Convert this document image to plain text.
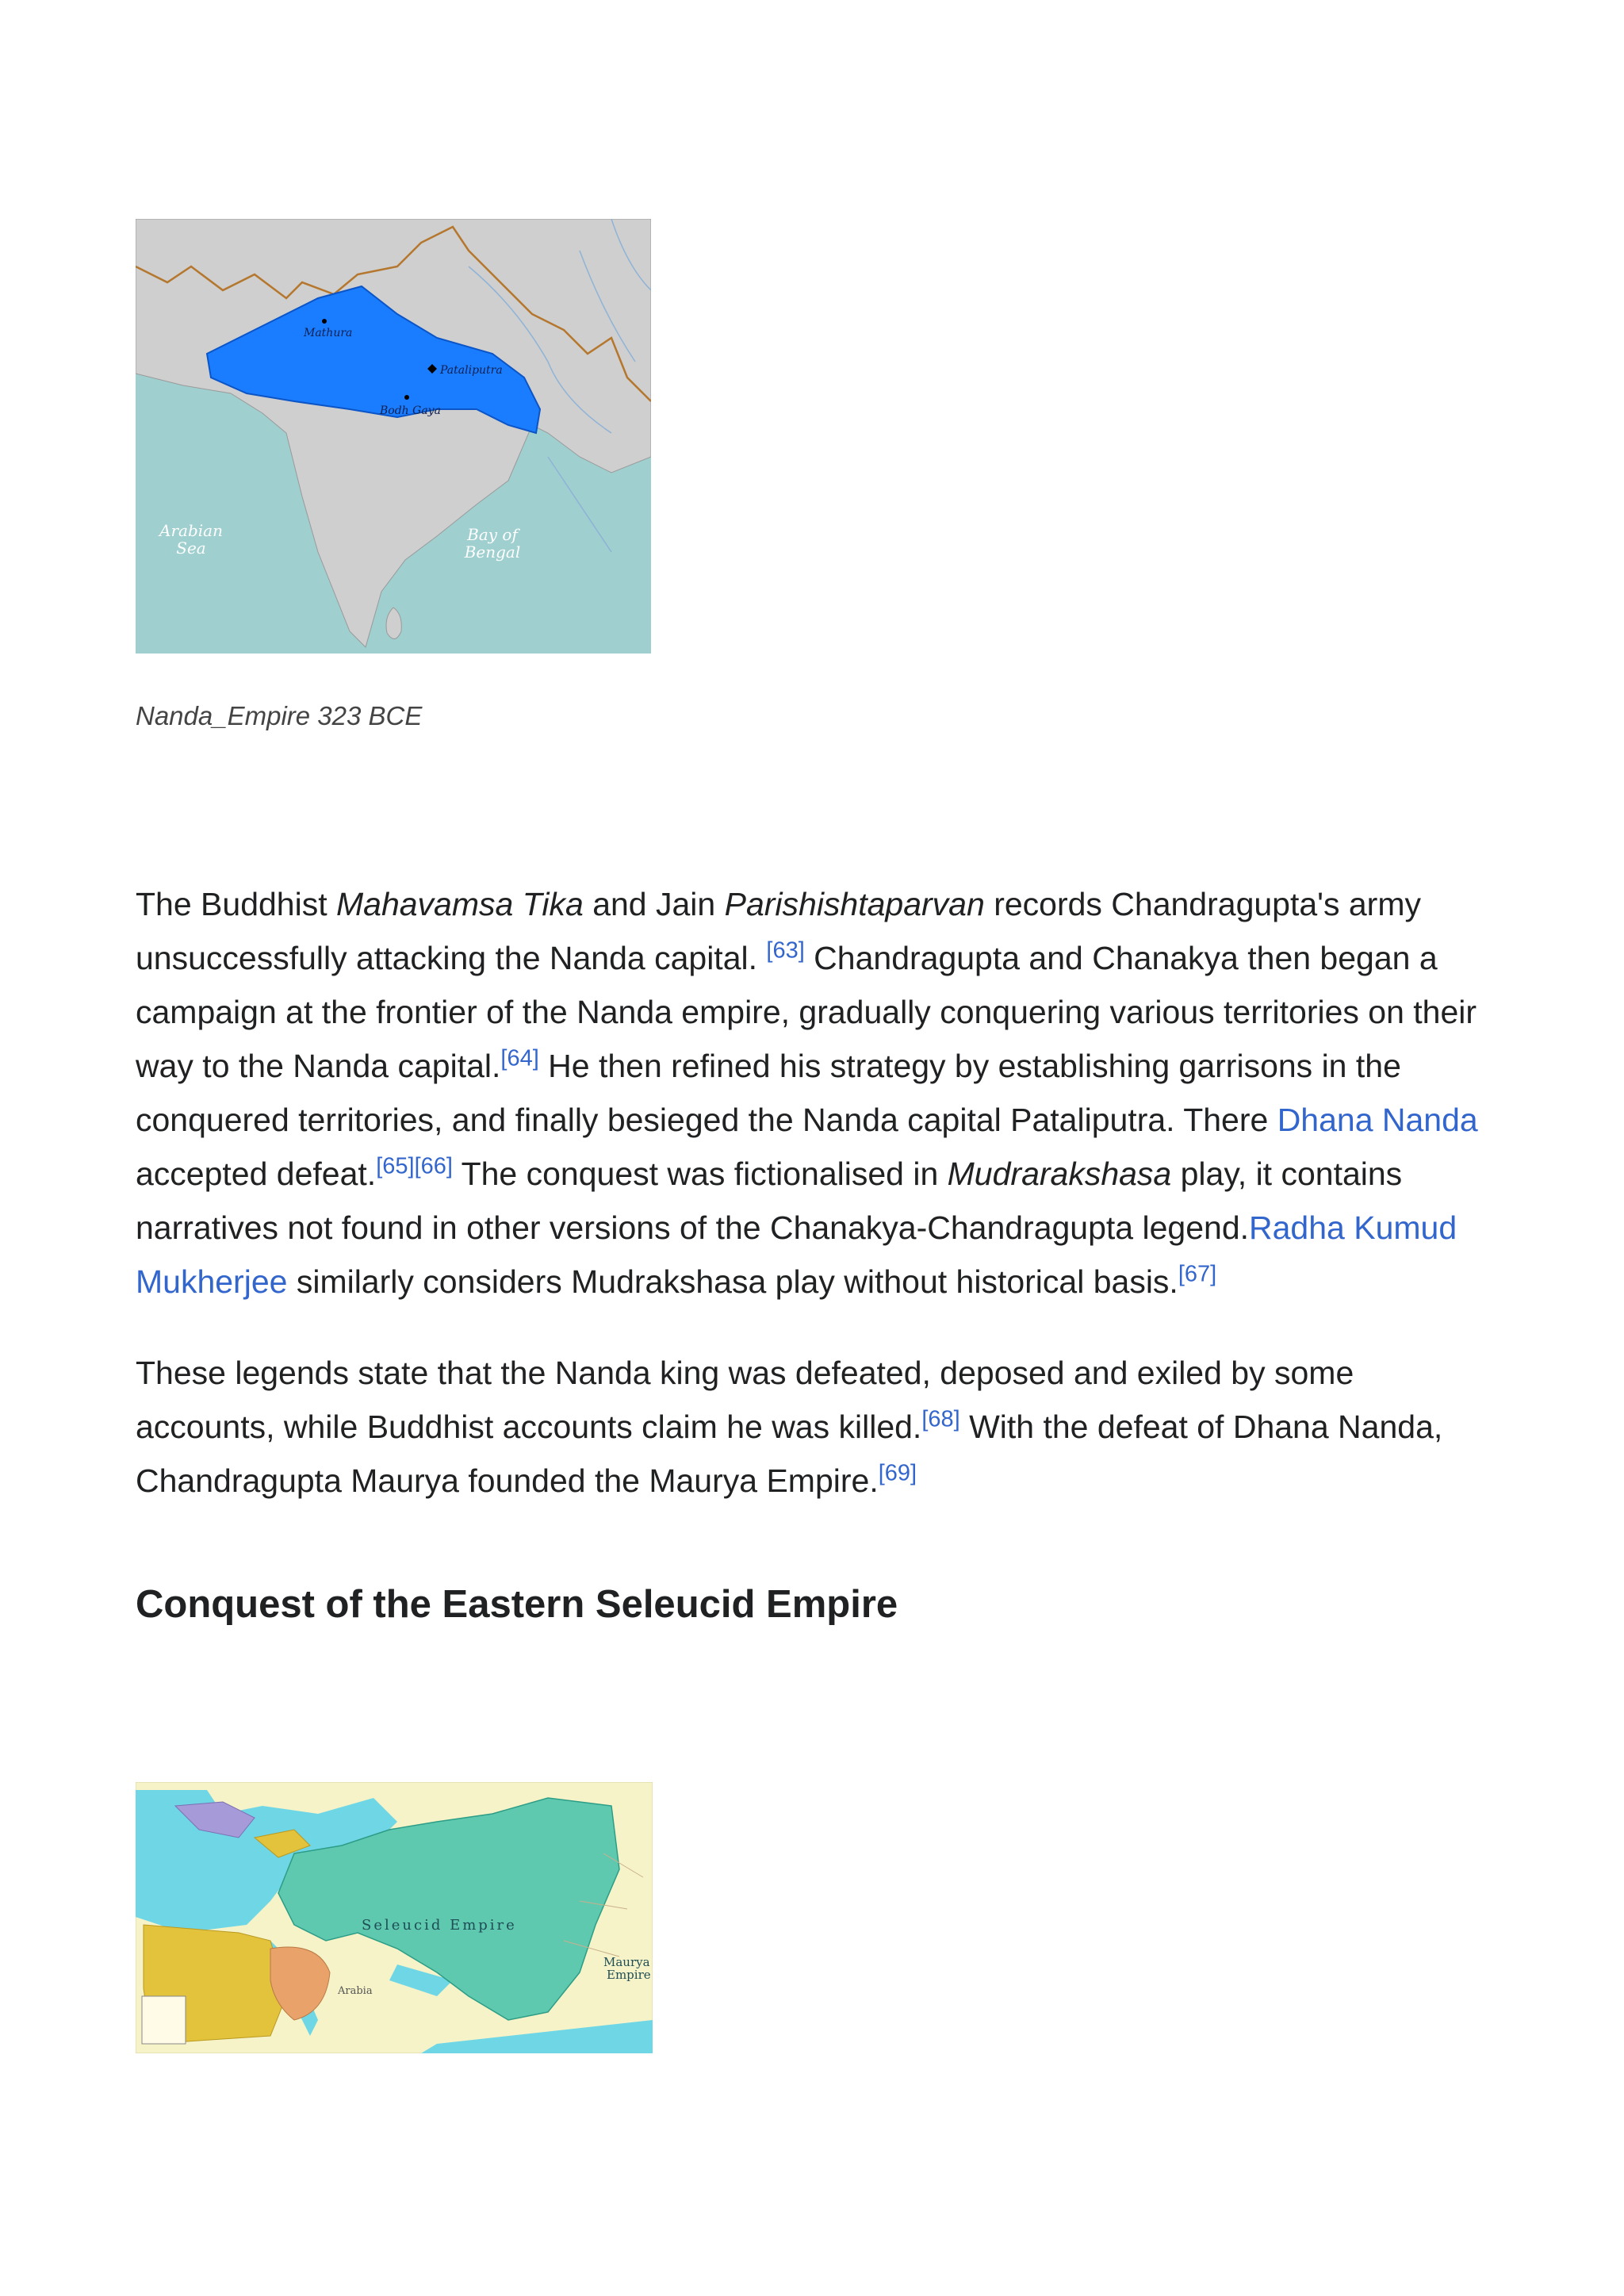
Mathura
Pataliputra
Bodh Gaya
Arabian
Sea
Bay of
Bengal
Nanda_Empire 323 BCE

The Buddhist Mahavamsa Tika and Jain Parishishtaparvan records Chandragupta's army unsuccessfully attacking the Nanda capital. [63] Chandragupta and Chanakya then began a campaign at the frontier of the Nanda empire, gradually conquering various territories on their way to the Nanda capital.[64] He then refined his strategy by establishing garrisons in the conquered territories, and finally besieged the Nanda capital Pataliputra. There Dhana Nanda accepted defeat.[65][66] The conquest was fictionalised in Mudrarakshasa play, it contains narratives not found in other versions of the Chanakya-Chandragupta legend.Radha Kumud Mukherjee similarly considers Mudrakshasa play without historical basis.[67]

These legends state that the Nanda king was defeated, deposed and exiled by some accounts, while Buddhist accounts claim he was killed.[68] With the defeat of Dhana Nanda, Chandragupta Maurya founded the Maurya Empire.[69]

Conquest of the Eastern Seleucid Empire
Seleucid Empire
Maurya
Empire
Arabia
